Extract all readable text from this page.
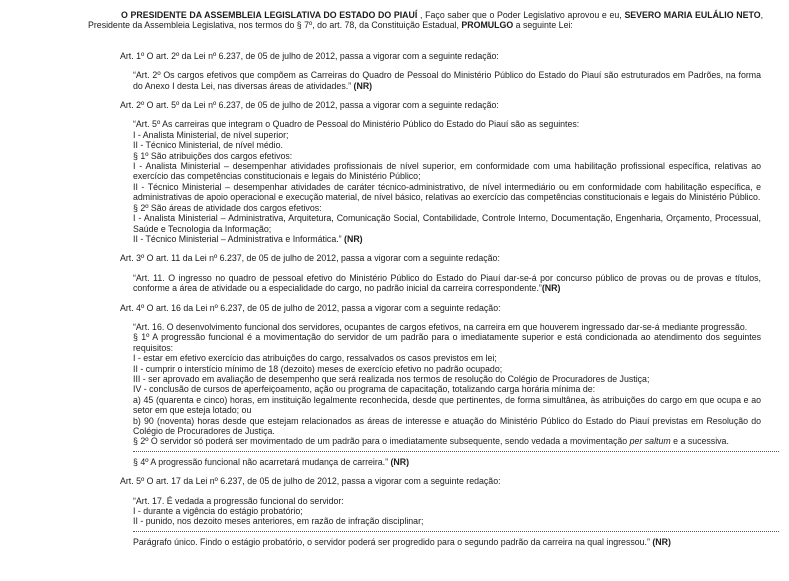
O PRESIDENTE DA ASSEMBLEIA LEGISLATIVA DO ESTADO DO PIAUÍ , Faço saber que o Poder Legislativo aprovou e eu, SEVERO MARIA EULÁLIO NETO, Presidente da Assembleia Legislativa, nos termos do § 7º, do art. 78, da Constituição Estadual, PROMULGO a seguinte Lei:

Art. 1º O art. 2º da Lei nº 6.237, de 05 de julho de 2012, passa a vigorar com a seguinte redação:

“Art. 2º Os cargos efetivos que compõem as Carreiras do Quadro de Pessoal do Ministério Público do Estado do Piauí são estruturados em Padrões, na forma do Anexo I desta Lei, nas diversas áreas de atividades.” (NR)

Art. 2º O art. 5º da Lei nº 6.237, de 05 de julho de 2012, passa a vigorar com a seguinte redação:

“Art. 5º As carreiras que integram o Quadro de Pessoal do Ministério Público do Estado do Piauí são as seguintes:

I - Analista Ministerial, de nível superior;

II - Técnico Ministerial, de nível médio.

§ 1º São atribuições dos cargos efetivos:

I - Analista Ministerial – desempenhar atividades profissionais de nível superior, em conformidade com uma habilitação profissional específica, relativas ao exercício das competências constitucionais e legais do Ministério Público;

II - Técnico Ministerial – desempenhar atividades de caráter técnico-administrativo, de nível intermediário ou em conformidade com habilitação específica, e administrativas de apoio operacional e execução material, de nível básico, relativas ao exercício das competências constitucionais e legais do Ministério Público.

§ 2º São áreas de atividade dos cargos efetivos:

I - Analista Ministerial – Administrativa, Arquitetura, Comunicação Social, Contabilidade, Controle Interno, Documentação, Engenharia, Orçamento, Processual, Saúde e Tecnologia da Informação;

II - Técnico Ministerial – Administrativa e Informática.” (NR)

Art. 3º O art. 11 da Lei nº 6.237, de 05 de julho de 2012, passa a vigorar com a seguinte redação:

“Art. 11. O ingresso no quadro de pessoal efetivo do Ministério Público do Estado do Piauí dar-se-á por concurso público de provas ou de provas e títulos, conforme a área de atividade ou a especialidade do cargo, no padrão inicial da carreira correspondente.”(NR)

Art. 4º O art. 16 da Lei nº 6.237, de 05 de julho de 2012, passa a vigorar com a seguinte redação:

“Art. 16. O desenvolvimento funcional dos servidores, ocupantes de cargos efetivos, na carreira em que houverem ingressado dar-se-á mediante progressão.

§ 1º A progressão funcional é a movimentação do servidor de um padrão para o imediatamente superior e está condicionada ao atendimento dos seguintes requisitos:

I - estar em efetivo exercício das atribuições do cargo, ressalvados os casos previstos em lei;

II - cumprir o interstício mínimo de 18 (dezoito) meses de exercício efetivo no padrão ocupado;

III - ser aprovado em avaliação de desempenho que será realizada nos termos de resolução do Colégio de Procuradores de Justiça;

IV - conclusão de cursos de aperfeiçoamento, ação ou programa de capacitação, totalizando carga horária mínima de:

a) 45 (quarenta e cinco) horas, em instituição legalmente reconhecida, desde que pertinentes, de forma simultânea, às atribuições do cargo em que ocupa e ao setor em que esteja lotado; ou

b) 90 (noventa) horas desde que estejam relacionados as áreas de interesse e atuação do Ministério Público do Estado do Piauí previstas em Resolução do Colégio de Procuradores de Justiça.

§ 2º O servidor só poderá ser movimentado de um padrão para o imediatamente subsequente, sendo vedada a movimentação per saltum e a sucessiva.

§ 4º A progressão funcional não acarretará mudança de carreira.” (NR)

Art. 5º O art. 17 da Lei nº 6.237, de 05 de julho de 2012, passa a vigorar com a seguinte redação:

“Art. 17. É vedada a progressão funcional do servidor:

I - durante a vigência do estágio probatório;

II - punido, nos dezoito meses anteriores, em razão de infração disciplinar;

Parágrafo único. Findo o estágio probatório, o servidor poderá ser progredido para o segundo padrão da carreira na qual ingressou.” (NR)
